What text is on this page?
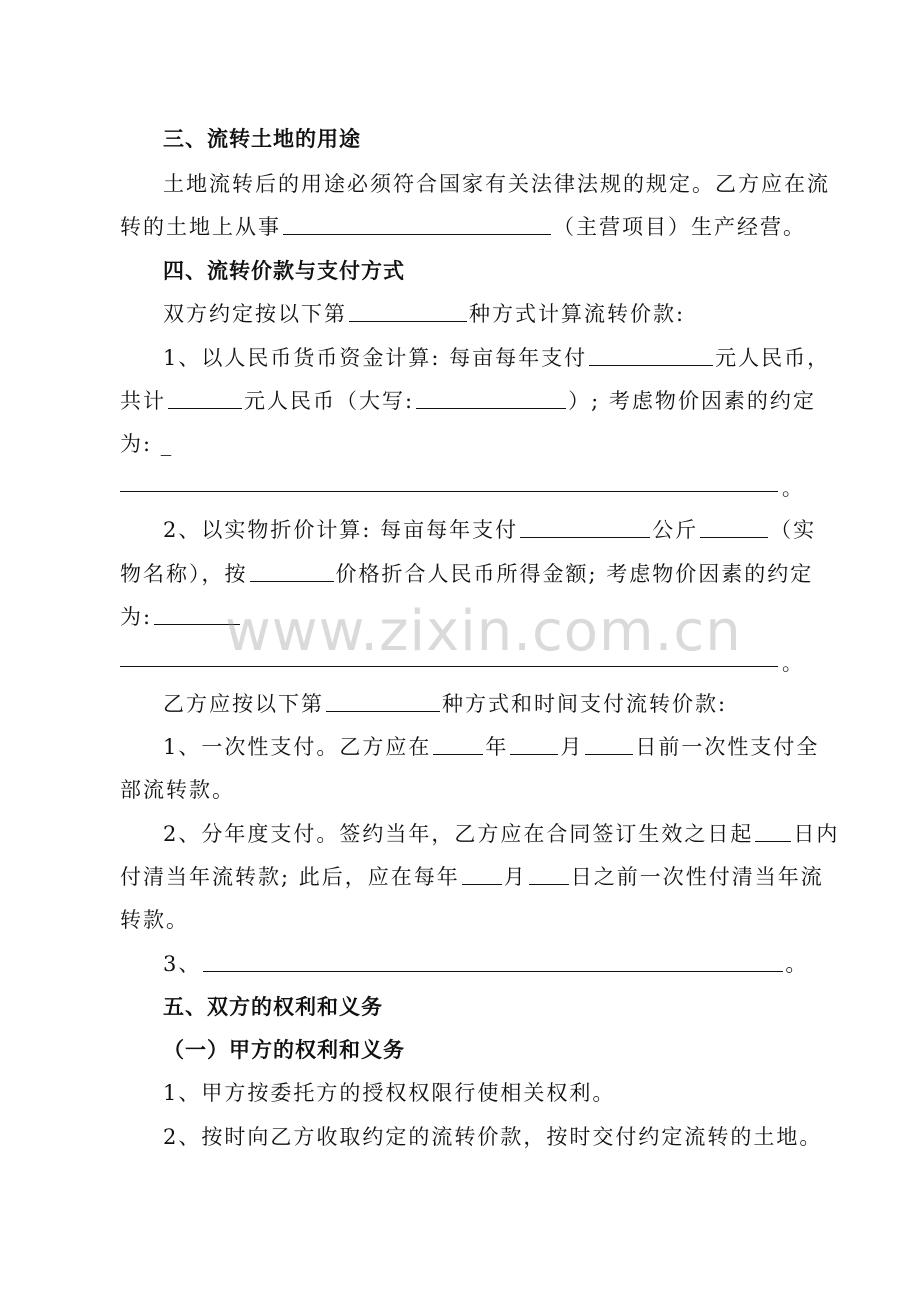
三、流转土地的用途
土地流转后的用途必须符合国家有关法律法规的规定。乙方应在流
转的土地上从事	（主营项目）生产经营。
四、流转价款与支付方式
双方约定按以下第	种方式计算流转价款:
1、以人民币货币资金计算: 每亩每年支付	元人民币，
共计	元人民币（大写:	）; 考虑物价因素的约定
为: _
。
2、以实物折价计算: 每亩每年支付	公斤	（实
物名称），按	价格折合人民币所得金额; 考虑物价因素的约定
为:
。
乙方应按以下第	种方式和时间支付流转价款:
1、一次性支付。乙方应在	年 月 日前一次性支付全
部流转款。
2、分年度支付。签约当年，乙方应在合同签订生效之日起 日内
付清当年流转款; 此后，应在每年 月 日之前一次性付清当年流
转款。
3、	。
五、双方的权利和义务
（一）甲方的权利和义务
1、甲方按委托方的授权权限行使相关权利。
2、按时向乙方收取约定的流转价款，按时交付约定流转的土地。
www.zixin.com.cn
